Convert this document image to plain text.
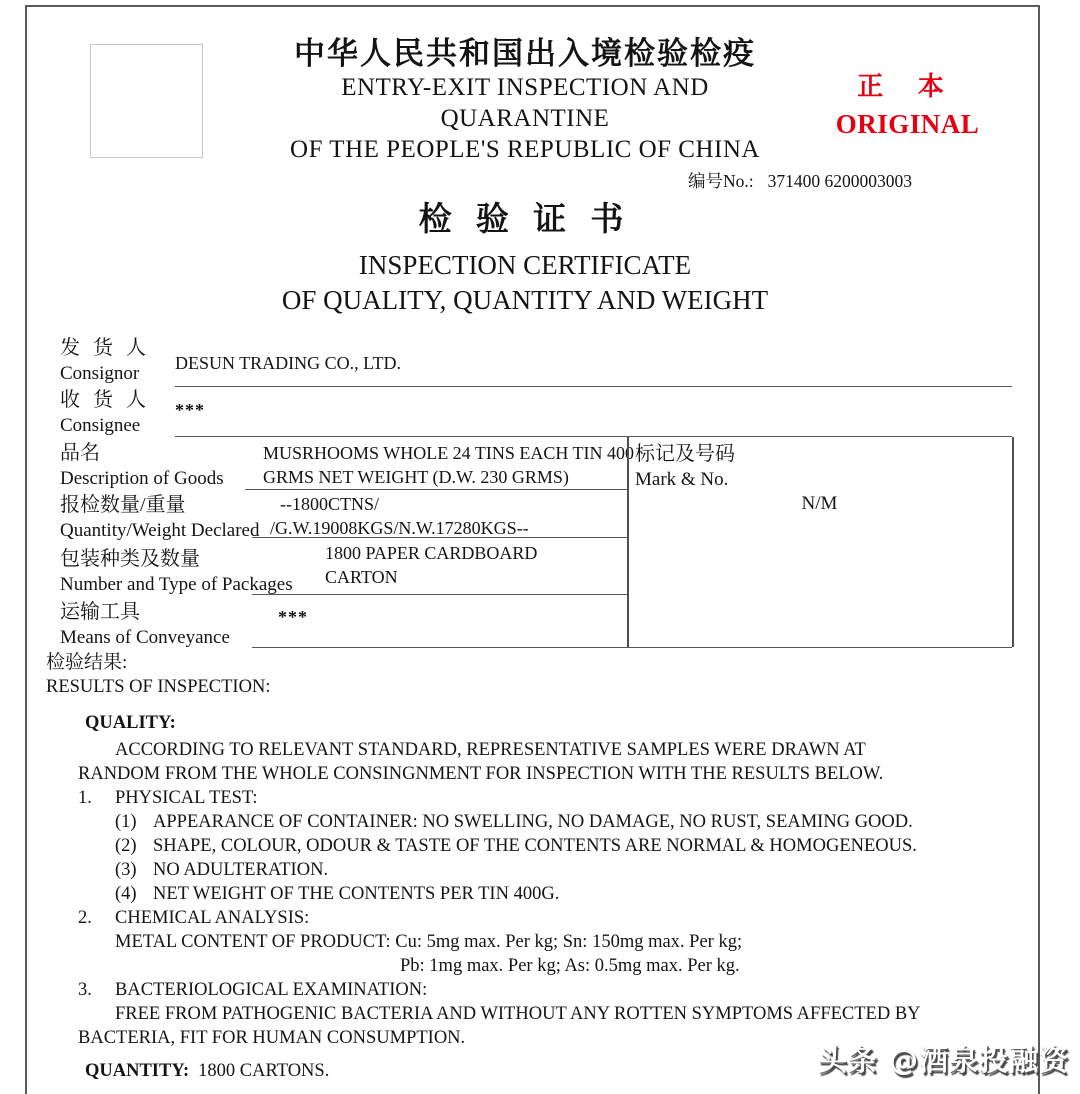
中华人民共和国出入境检验检疫
ENTRY-EXIT INSPECTION AND
QUARANTINE
OF THE PEOPLE'S REPUBLIC OF CHINA
正 本
ORIGINAL
编号No.: 371400 6200003003
检 验 证 书
INSPECTION CERTIFICATE
OF QUALITY, QUANTITY AND WEIGHT
发 货 人
Consignor	DESUN TRADING CO., LTD.
收 货 人
Consignee
***
品名
Description of Goods
MUSRHOOMS WHOLE 24 TINS EACH TIN 400
GRMS NET WEIGHT (D.W. 230 GRMS)
报检数量/重量
Quantity/Weight Declared
--1800CTNS/
/G.W.19008KGS/N.W.17280KGS--
包装种类及数量
Number and Type of Packages
1800 PAPER CARDBOARD
CARTON
运输工具
Means of Conveyance
***
标记及号码
Mark & No.
N/M
检验结果:
RESULTS OF INSPECTION:
QUALITY:
ACCORDING TO RELEVANT STANDARD, REPRESENTATIVE SAMPLES WERE DRAWN AT
RANDOM FROM THE WHOLE CONSINGNMENT FOR INSPECTION WITH THE RESULTS BELOW.
1. PHYSICAL TEST:
(1) APPEARANCE OF CONTAINER: NO SWELLING, NO DAMAGE, NO RUST, SEAMING GOOD.
(2) SHAPE, COLOUR, ODOUR & TASTE OF THE CONTENTS ARE NORMAL & HOMOGENEOUS.
(3) NO ADULTERATION.
(4) NET WEIGHT OF THE CONTENTS PER TIN 400G.
2. CHEMICAL ANALYSIS:
METAL CONTENT OF PRODUCT: Cu: 5mg max. Per kg; Sn: 150mg max. Per kg;
Pb: 1mg max. Per kg; As: 0.5mg max. Per kg.
3. BACTERIOLOGICAL EXAMINATION:
FREE FROM PATHOGENIC BACTERIA AND WITHOUT ANY ROTTEN SYMPTOMS AFFECTED BY
BACTERIA, FIT FOR HUMAN CONSUMPTION.
QUANTITY: 1800 CARTONS.	头条 @酒泉投融资
